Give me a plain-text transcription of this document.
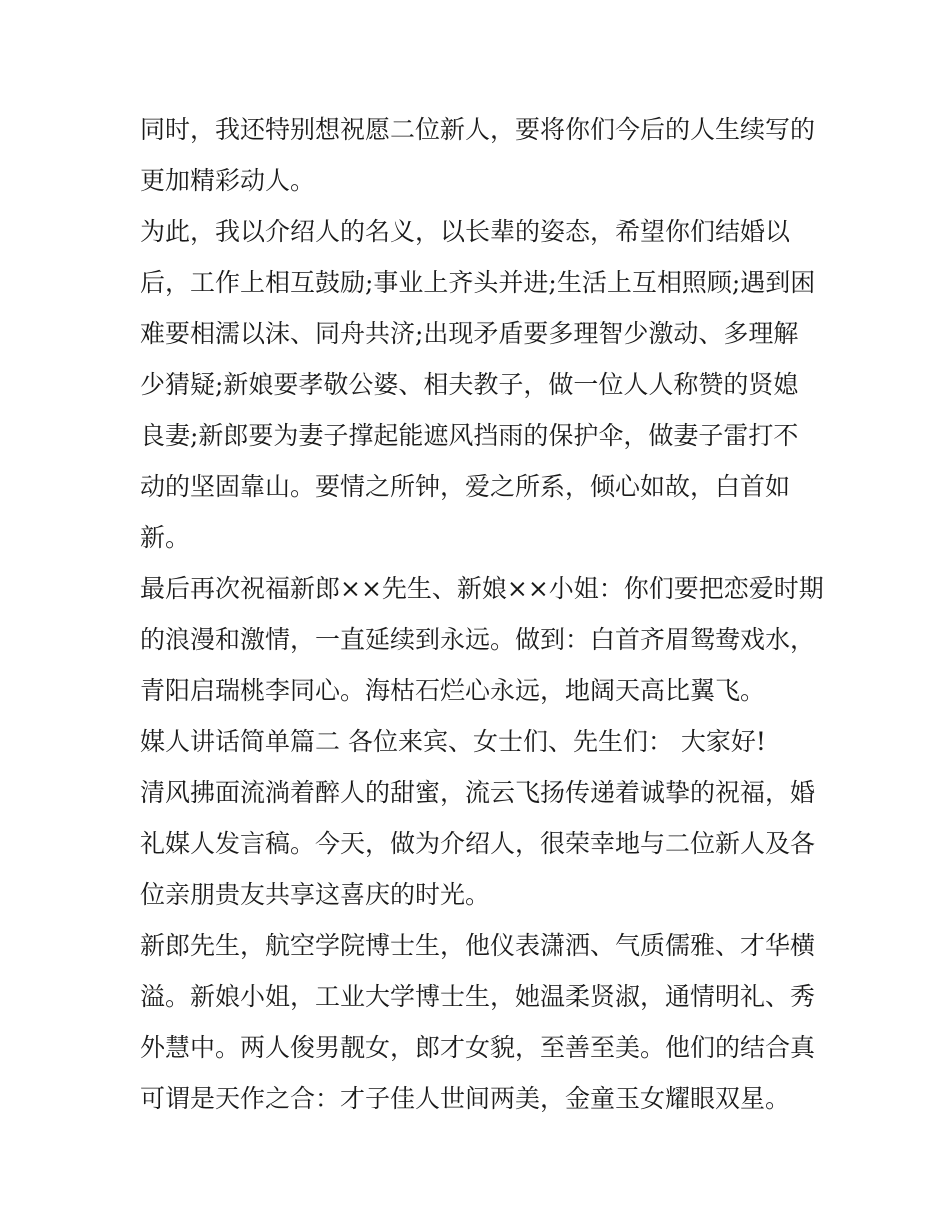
同时，我还特别想祝愿二位新人，要将你们今后的人生续写的
更加精彩动人。
为此，我以介绍人的名义，以长辈的姿态，希望你们结婚以
后，工作上相互鼓励;事业上齐头并进;生活上互相照顾;遇到困
难要相濡以沫、同舟共济;出现矛盾要多理智少激动、多理解
少猜疑;新娘要孝敬公婆、相夫教子，做一位人人称赞的贤媳
良妻;新郎要为妻子撑起能遮风挡雨的保护伞，做妻子雷打不
动的坚固靠山。要情之所钟，爱之所系，倾心如故，白首如
新。
最后再次祝福新郎××先生、新娘××小姐：你们要把恋爱时期
的浪漫和激情，一直延续到永远。做到：白首齐眉鸳鸯戏水，
青阳启瑞桃李同心。海枯石烂心永远，地阔天高比翼飞。
媒人讲话简单篇二 各位来宾、女士们、先生们： 大家好!
清风拂面流淌着醉人的甜蜜，流云飞扬传递着诚挚的祝福，婚
礼媒人发言稿。今天，做为介绍人，很荣幸地与二位新人及各
位亲朋贵友共享这喜庆的时光。
新郎先生，航空学院博士生，他仪表潇洒、气质儒雅、才华横
溢。新娘小姐，工业大学博士生，她温柔贤淑，通情明礼、秀
外慧中。两人俊男靓女，郎才女貌，至善至美。他们的结合真
可谓是天作之合：才子佳人世间两美，金童玉女耀眼双星。
